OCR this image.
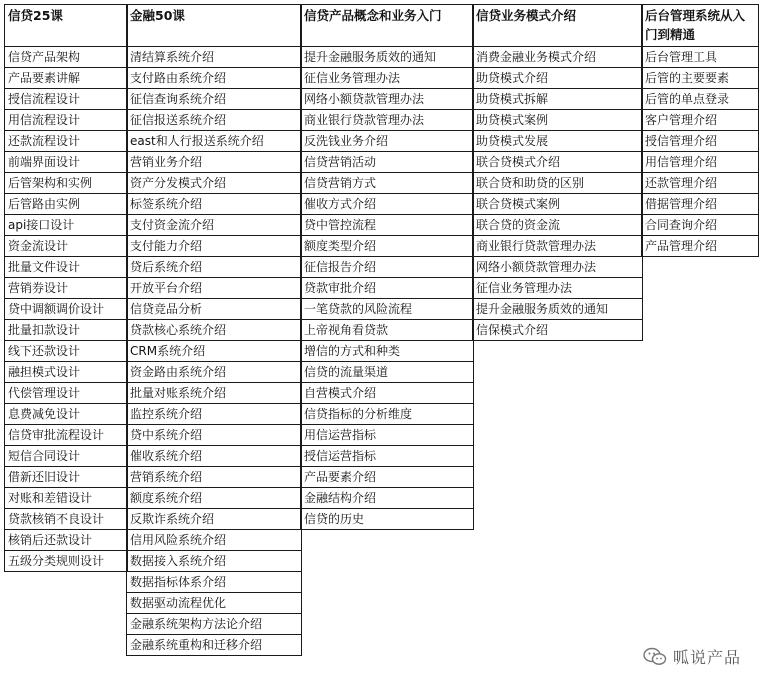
信贷25课
信贷产品架构
产品要素讲解
授信流程设计
用信流程设计
还款流程设计
前端界面设计
后管架构和实例
后管路由实例
api接口设计
资金流设计
批量文件设计
营销券设计
贷中调额调价设计
批量扣款设计
线下还款设计
融担模式设计
代偿管理设计
息费减免设计
信贷审批流程设计
短信合同设计
借新还旧设计
对账和差错设计
贷款核销不良设计
核销后还款设计
五级分类规则设计
金融50课
清结算系统介绍
支付路由系统介绍
征信查询系统介绍
征信报送系统介绍
east和人行报送系统介绍
营销业务介绍
资产分发模式介绍
标签系统介绍
支付资金流介绍
支付能力介绍
贷后系统介绍
开放平台介绍
信贷竞品分析
贷款核心系统介绍
CRM系统介绍
资金路由系统介绍
批量对账系统介绍
监控系统介绍
贷中系统介绍
催收系统介绍
营销系统介绍
额度系统介绍
反欺诈系统介绍
信用风险系统介绍
数据接入系统介绍
数据指标体系介绍
数据驱动流程优化
金融系统架构方法论介绍
金融系统重构和迁移介绍
信贷产品概念和业务入门
提升金融服务质效的通知
征信业务管理办法
网络小额贷款管理办法
商业银行贷款管理办法
反洗钱业务介绍
信贷营销活动
信贷营销方式
催收方式介绍
贷中管控流程
额度类型介绍
征信报告介绍
贷款审批介绍
一笔贷款的风险流程
上帝视角看贷款
增信的方式和种类
信贷的流量渠道
自营模式介绍
信贷指标的分析维度
用信运营指标
授信运营指标
产品要素介绍
金融结构介绍
信贷的历史
信贷业务模式介绍
消费金融业务模式介绍
助贷模式介绍
助贷模式拆解
助贷模式案例
助贷模式发展
联合贷模式介绍
联合贷和助贷的区别
联合贷模式案例
联合贷的资金流
商业银行贷款管理办法
网络小额贷款管理办法
征信业务管理办法
提升金融服务质效的通知
信保模式介绍
后台管理系统从入门到精通
后台管理工具
后管的主要要素
后管的单点登录
客户管理介绍
授信管理介绍
用信管理介绍
还款管理介绍
借据管理介绍
合同查询介绍
产品管理介绍
呱说产品
